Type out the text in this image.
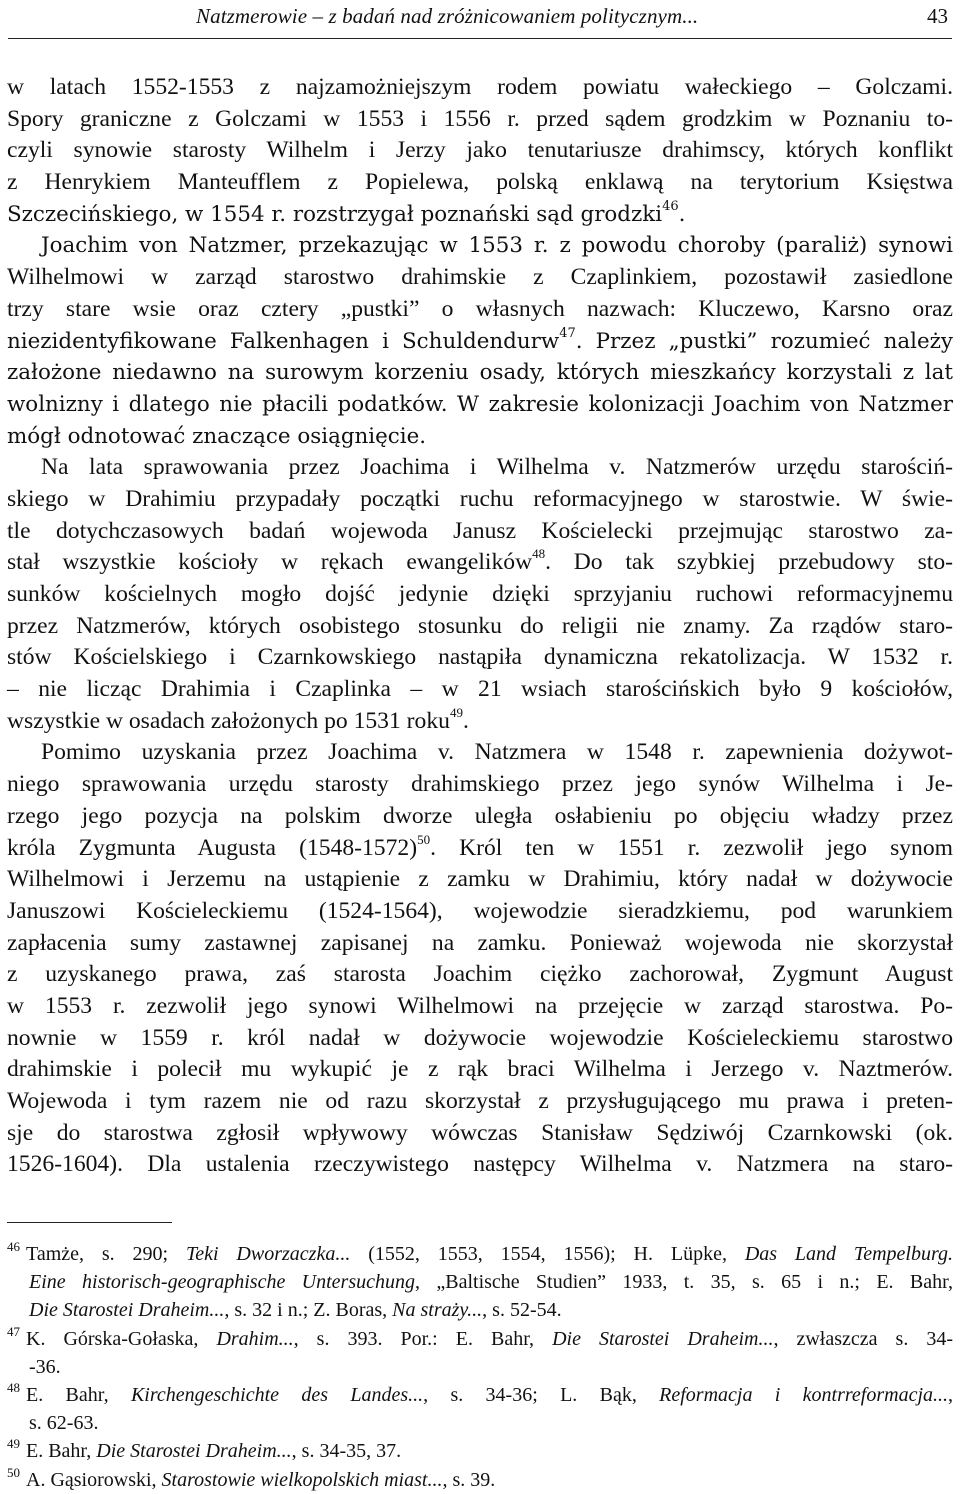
Natzmerowie – z badań nad zróżnicowaniem politycznym...	43
w latach 1552-1553 z najzamożniejszym rodem powiatu wałeckiego – Golczami.
Spory graniczne z Golczami w 1553 i 1556 r. przed sądem grodzkim w Poznaniu to-
czyli synowie starosty Wilhelm i Jerzy jako tenutariusze drahimscy, których konflikt
z Henrykiem Manteufflem z Popielewa, polską enklawą na terytorium Księstwa
Szczecińskiego, w 1554 r. rozstrzygał poznański sąd grodzki$^{46}$.
Joachim von Natzmer, przekazując w 1553 r. z powodu choroby (paraliż) synowi
Wilhelmowi w zarząd starostwo drahimskie z Czaplinkiem, pozostawił zasiedlone
trzy stare wsie oraz cztery „pustki” o własnych nazwach: Kluczewo, Karsno oraz
niezidentyfikowane Falkenhagen i Schuldendurw$^{47}$. Przez „pustki” rozumieć należy
założone niedawno na surowym korzeniu osady, których mieszkańcy korzystali z lat
wolnizny i dlatego nie płacili podatków. W zakresie kolonizacji Joachim von Natzmer
mógł odnotować znaczące osiągnięcie.
Na lata sprawowania przez Joachima i Wilhelma v. Natzmerów urzędu starościń-
skiego w Drahimiu przypadały początki ruchu reformacyjnego w starostwie. W świe-
tle dotychczasowych badań wojewoda Janusz Kościelecki przejmując starostwo za-
stał wszystkie kościoły w rękach ewangelików$^{48}$. Do tak szybkiej przebudowy sto-
sunków kościelnych mogło dojść jedynie dzięki sprzyjaniu ruchowi reformacyjnemu
przez Natzmerów, których osobistego stosunku do religii nie znamy. Za rządów staro-
stów Kościelskiego i Czarnkowskiego nastąpiła dynamiczna rekatolizacja. W 1532 r.
– nie licząc Drahimia i Czaplinka – w 21 wsiach starościńskich było 9 kościołów,
wszystkie w osadach założonych po 1531 roku$^{49}$.
Pomimo uzyskania przez Joachima v. Natzmera w 1548 r. zapewnienia dożywot-
niego sprawowania urzędu starosty drahimskiego przez jego synów Wilhelma i Je-
rzego jego pozycja na polskim dworze uległa osłabieniu po objęciu władzy przez
króla Zygmunta Augusta (1548-1572)$^{50}$. Król ten w 1551 r. zezwolił jego synom
Wilhelmowi i Jerzemu na ustąpienie z zamku w Drahimiu, który nadał w dożywocie
Januszowi Kościeleckiemu (1524-1564), wojewodzie sieradzkiemu, pod warunkiem
zapłacenia sumy zastawnej zapisanej na zamku. Ponieważ wojewoda nie skorzystał
z uzyskanego prawa, zaś starosta Joachim ciężko zachorował, Zygmunt August
w 1553 r. zezwolił jego synowi Wilhelmowi na przejęcie w zarząd starostwa. Po-
nownie w 1559 r. król nadał w dożywocie wojewodzie Kościeleckiemu starostwo
drahimskie i polecił mu wykupić je z rąk braci Wilhelma i Jerzego v. Naztmerów.
Wojewoda i tym razem nie od razu skorzystał z przysługującego mu prawa i preten-
sje do starostwa zgłosił wpływowy wówczas Stanisław Sędziwój Czarnkowski (ok.
1526-1604). Dla ustalenia rzeczywistego następcy Wilhelma v. Natzmera na staro-
$^{46}$ Tamże, s. 290; Teki Dworzaczka... (1552, 1553, 1554, 1556); H. Lüpke, Das Land Tempelburg.
Eine historisch-geographische Untersuchung, „Baltische Studien” 1933, t. 35, s. 65 i n.; E. Bahr,
Die Starostei Draheim..., s. 32 i n.; Z. Boras, Na straży..., s. 52-54.
$^{47}$ K. Górska-Gołaska, Drahim..., s. 393. Por.: E. Bahr, Die Starostei Draheim..., zwłaszcza s. 34-
-36.
$^{48}$ E. Bahr, Kirchengeschichte des Landes..., s. 34-36; L. Bąk, Reformacja i kontrreformacja...,
s. 62-63.
$^{49}$ E. Bahr, Die Starostei Draheim..., s. 34-35, 37.
$^{50}$ A. Gąsiorowski, Starostowie wielkopolskich miast..., s. 39.
